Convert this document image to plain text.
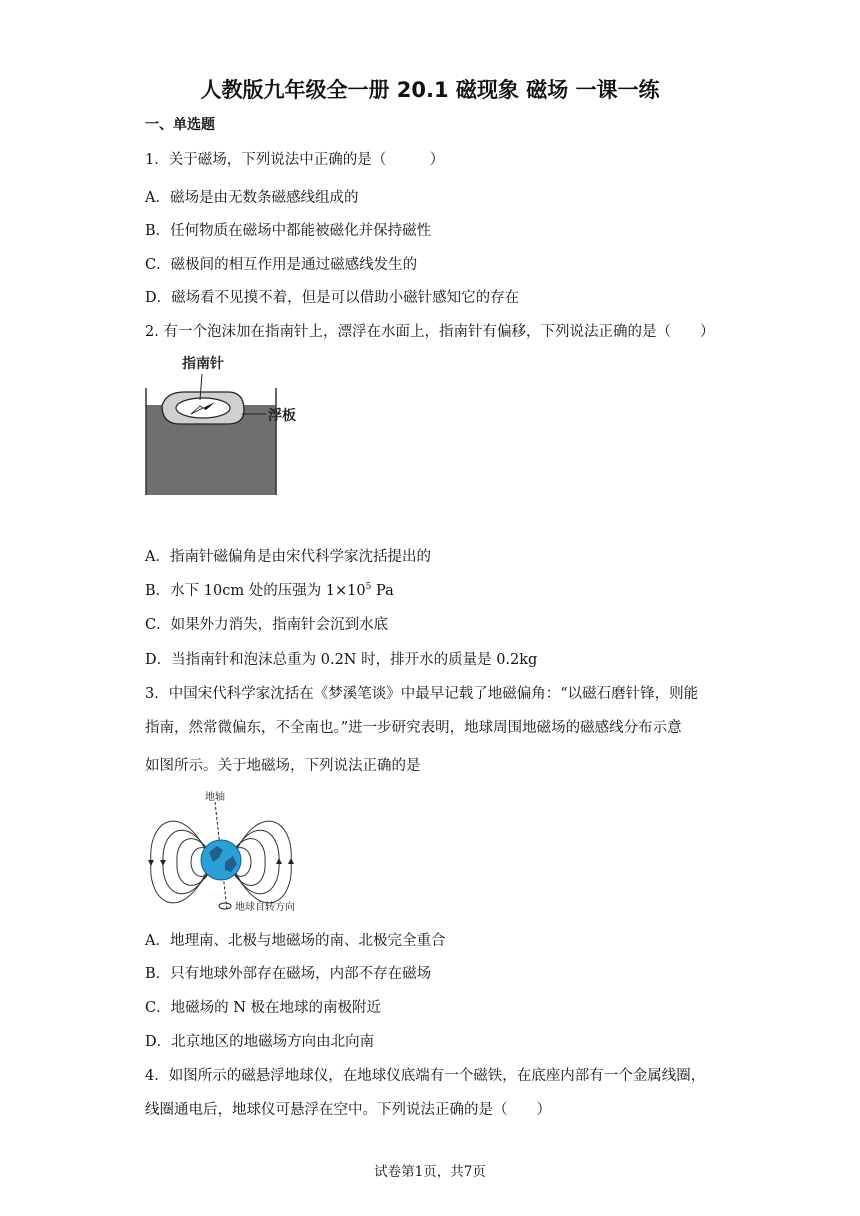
人教版九年级全一册 20.1 磁现象 磁场 一课一练
一、单选题
1．关于磁场，下列说法中正确的是（　　　）
A．磁场是由无数条磁感线组成的
B．任何物质在磁场中都能被磁化并保持磁性
C．磁极间的相互作用是通过磁感线发生的
D．磁场看不见摸不着，但是可以借助小磁针感知它的存在
2. 有一个泡沫加在指南针上，漂浮在水面上，指南针有偏移，下列说法正确的是（　　）
指南针
浮板
A．指南针磁偏角是由宋代科学家沈括提出的
B．水下 10cm 处的压强为 $1\times 10^5$ Pa
C．如果外力消失，指南针会沉到水底
D．当指南针和泡沫总重为 0.2N 时，排开水的质量是 0.2kg
3．中国宋代科学家沈括在《梦溪笔谈》中最早记载了地磁偏角：“以磁石磨针锋，则能
指南，然常微偏东，不全南也。”进一步研究表明，地球周围地磁场的磁感线分布示意
如图所示。关于地磁场，下列说法正确的是
地轴
地球自转方向
A．地理南、北极与地磁场的南、北极完全重合
B．只有地球外部存在磁场，内部不存在磁场
C．地磁场的 N 极在地球的南极附近
D．北京地区的地磁场方向由北向南
4．如图所示的磁悬浮地球仪，在地球仪底端有一个磁铁，在底座内部有一个金属线圈，
线圈通电后，地球仪可悬浮在空中。下列说法正确的是（　　）
试卷第1页，共7页
